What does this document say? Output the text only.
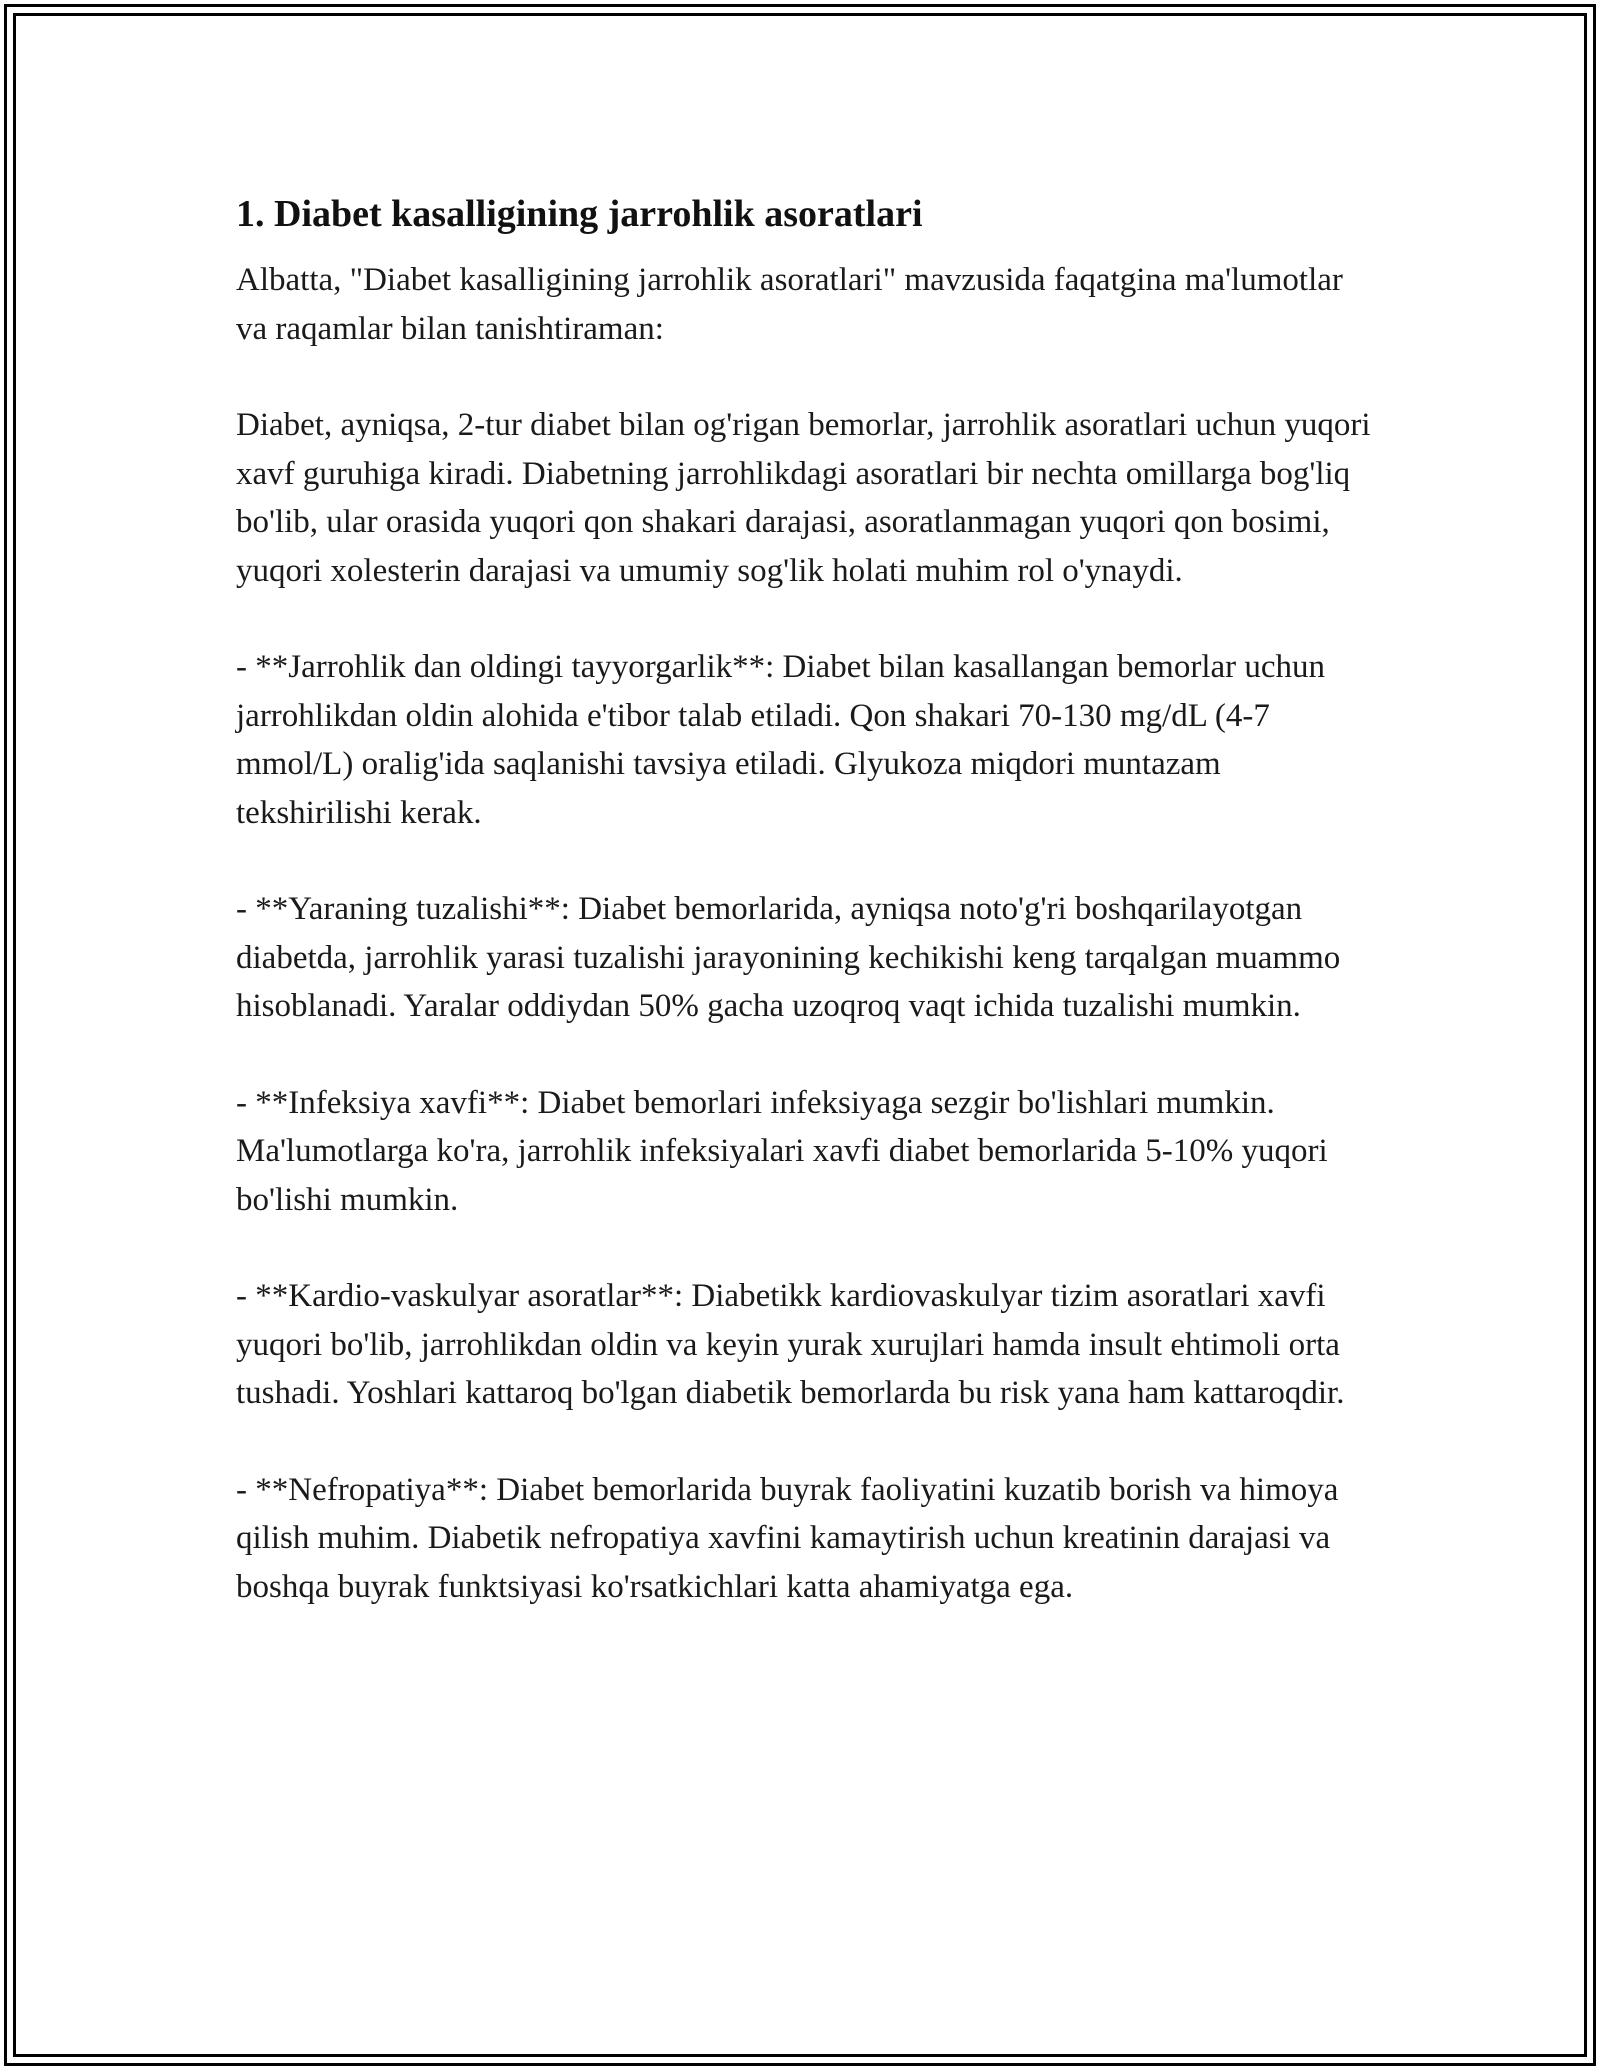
1. Diabet kasalligining jarrohlik asoratlari

Albatta, "Diabet kasalligining jarrohlik asoratlari" mavzusida faqatgina ma'lumotlar va raqamlar bilan tanishtiraman:

Diabet, ayniqsa, 2-tur diabet bilan og'rigan bemorlar, jarrohlik asoratlari uchun yuqori xavf guruhiga kiradi. Diabetning jarrohlikdagi asoratlari bir nechta omillarga bog'liq bo'lib, ular orasida yuqori qon shakari darajasi, asoratlanmagan yuqori qon bosimi, yuqori xolesterin darajasi va umumiy sog'lik holati muhim rol o'ynaydi.

- **Jarrohlik dan oldingi tayyorgarlik**: Diabet bilan kasallangan bemorlar uchun jarrohlikdan oldin alohida e'tibor talab etiladi. Qon shakari 70-130 mg/dL (4-7 mmol/L) oralig'ida saqlanishi tavsiya etiladi. Glyukoza miqdori muntazam tekshirilishi kerak.

- **Yaraning tuzalishi**: Diabet bemorlarida, ayniqsa noto'g'ri boshqarilayotgan diabetda, jarrohlik yarasi tuzalishi jarayonining kechikishi keng tarqalgan muammo hisoblanadi. Yaralar oddiydan 50% gacha uzoqroq vaqt ichida tuzalishi mumkin.

- **Infeksiya xavfi**: Diabet bemorlari infeksiyaga sezgir bo'lishlari mumkin. Ma'lumotlarga ko'ra, jarrohlik infeksiyalari xavfi diabet bemorlarida 5-10% yuqori bo'lishi mumkin.

- **Kardio-vaskulyar asoratlar**: Diabetikk kardiovaskulyar tizim asoratlari xavfi yuqori bo'lib, jarrohlikdan oldin va keyin yurak xurujlari hamda insult ehtimoli orta tushadi. Yoshlari kattaroq bo'lgan diabetik bemorlarda bu risk yana ham kattaroqdir.

- **Nefropatiya**: Diabet bemorlarida buyrak faoliyatini kuzatib borish va himoya qilish muhim. Diabetik nefropatiya xavfini kamaytirish uchun kreatinin darajasi va boshqa buyrak funktsiyasi ko'rsatkichlari katta ahamiyatga ega.
